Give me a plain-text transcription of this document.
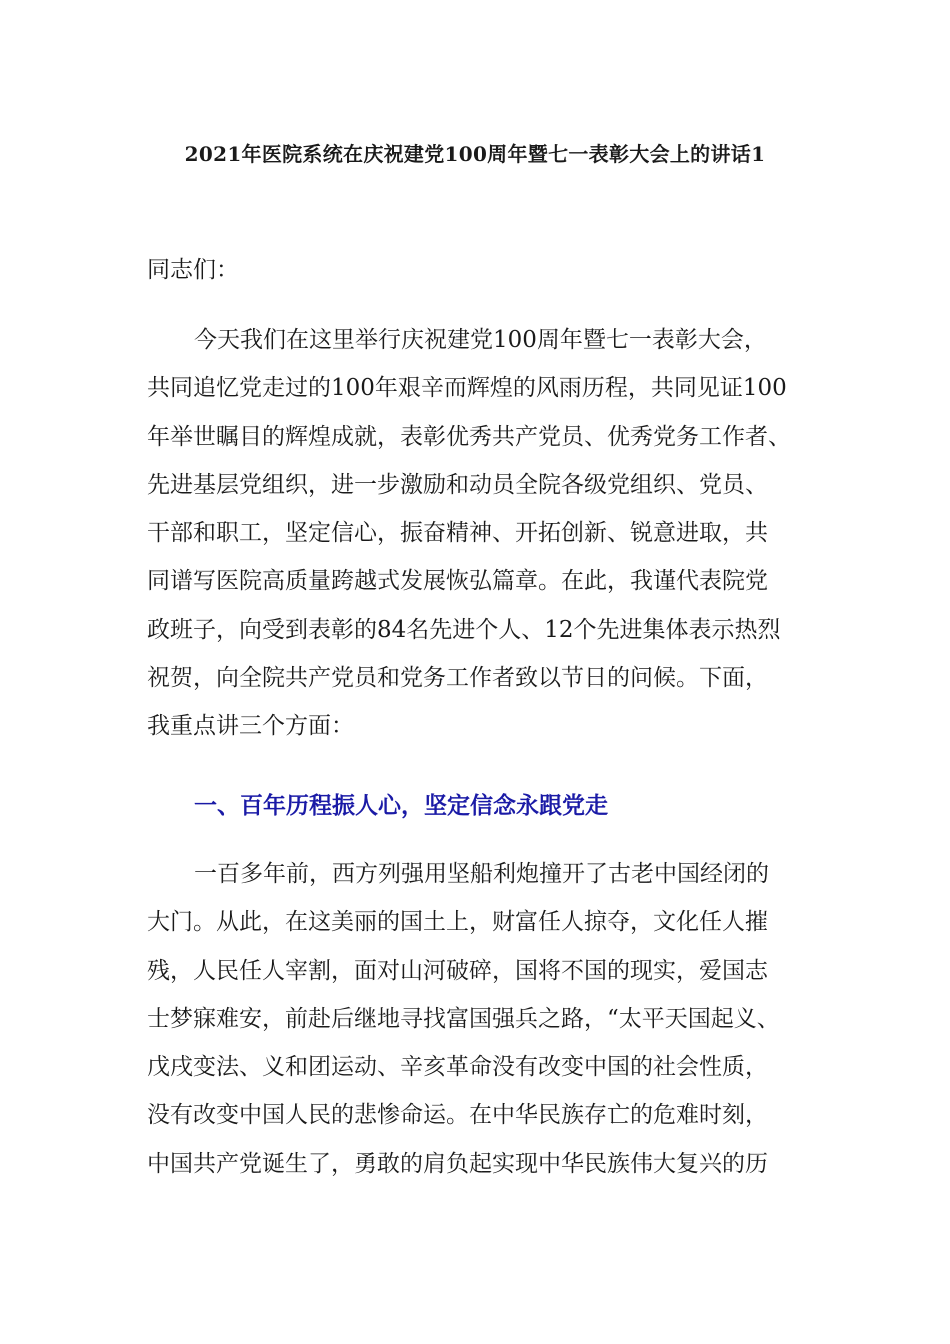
2021年医院系统在庆祝建党100周年暨七一表彰大会上的讲话1
同志们：
今天我们在这里举行庆祝建党100周年暨七一表彰大会，
共同追忆党走过的100年艰辛而辉煌的风雨历程，共同见证100
年举世瞩目的辉煌成就，表彰优秀共产党员、优秀党务工作者、
先进基层党组织，进一步激励和动员全院各级党组织、党员、
干部和职工，坚定信心，振奋精神、开拓创新、锐意进取，共
同谱写医院高质量跨越式发展恢弘篇章。在此，我谨代表院党
政班子，向受到表彰的84名先进个人、12个先进集体表示热烈
祝贺，向全院共产党员和党务工作者致以节日的问候。下面，
我重点讲三个方面：
一、百年历程振人心，坚定信念永跟党走
一百多年前，西方列强用坚船利炮撞开了古老中国经闭的
大门。从此，在这美丽的国土上，财富任人掠夺，文化任人摧
残，人民任人宰割，面对山河破碎，国将不国的现实，爱国志
士梦寐难安，前赴后继地寻找富国强兵之路，“太平天国起义、
戊戌变法、义和团运动、辛亥革命没有改变中国的社会性质，
没有改变中国人民的悲惨命运。在中华民族存亡的危难时刻，
中国共产党诞生了，勇敢的肩负起实现中华民族伟大复兴的历
